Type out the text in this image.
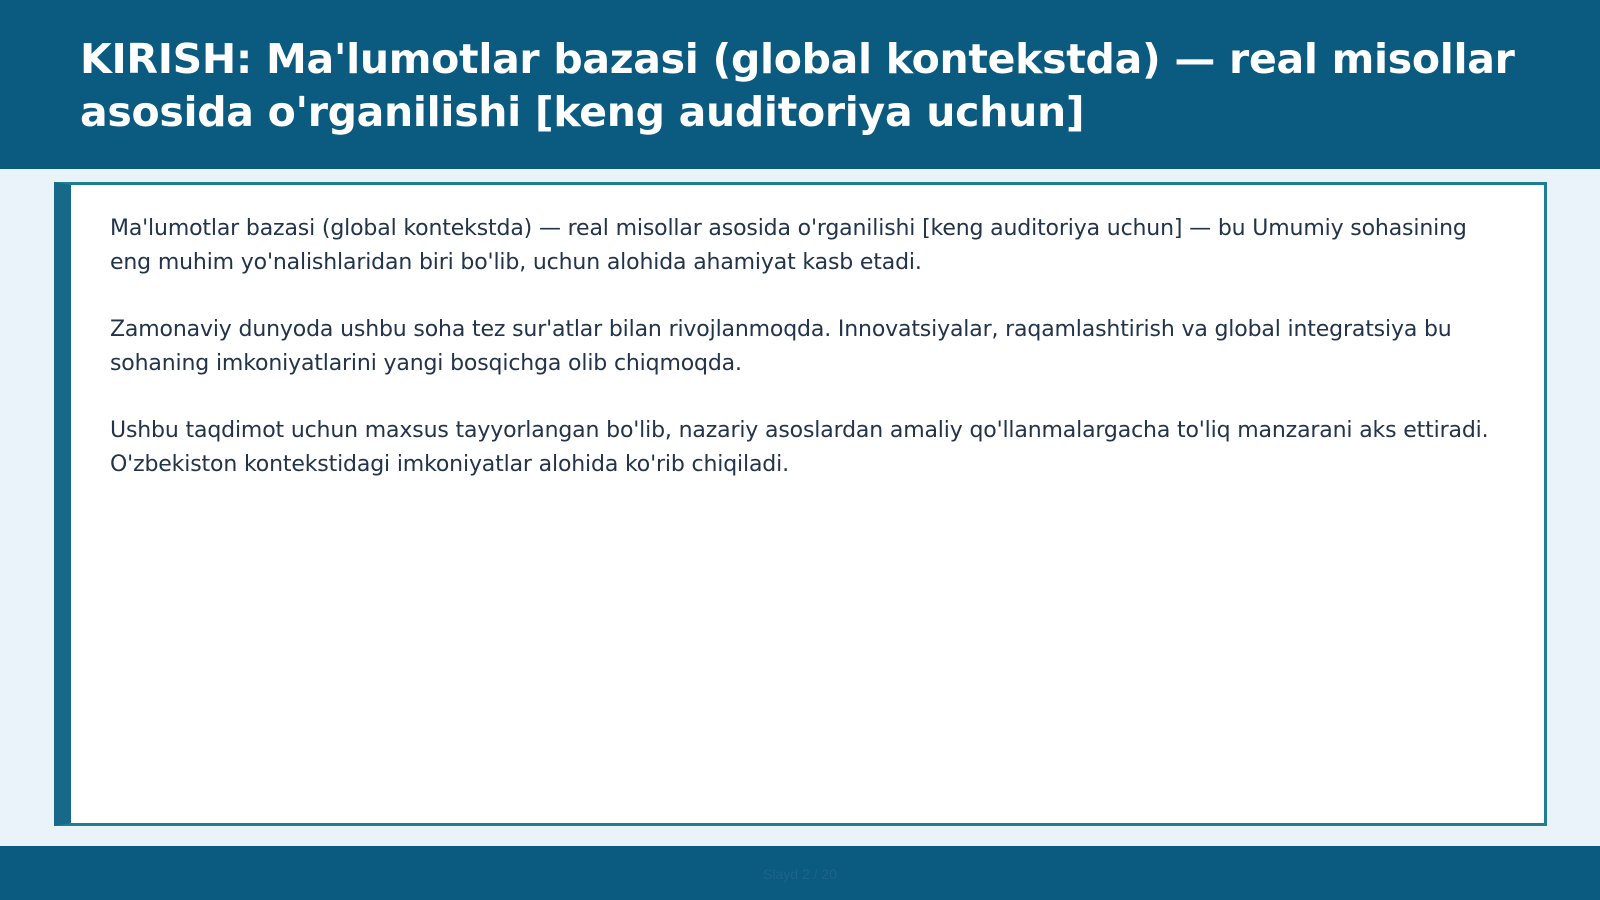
KIRISH: Ma'lumotlar bazasi (global kontekstda) — real misollar asosida o'rganilishi [keng auditoriya uchun]

Ma'lumotlar bazasi (global kontekstda) — real misollar asosida o'rganilishi [keng auditoriya uchun] — bu Umumiy sohasining eng muhim yo'nalishlaridan biri bo'lib, uchun alohida ahamiyat kasb etadi.

Zamonaviy dunyoda ushbu soha tez sur'atlar bilan rivojlanmoqda. Innovatsiyalar, raqamlashtirish va global integratsiya bu sohaning imkoniyatlarini yangi bosqichga olib chiqmoqda.

Ushbu taqdimot uchun maxsus tayyorlangan bo'lib, nazariy asoslardan amaliy qo'llanmalargacha to'liq manzarani aks ettiradi. O'zbekiston kontekstidagi imkoniyatlar alohida ko'rib chiqiladi.

Slayd 2 / 20
